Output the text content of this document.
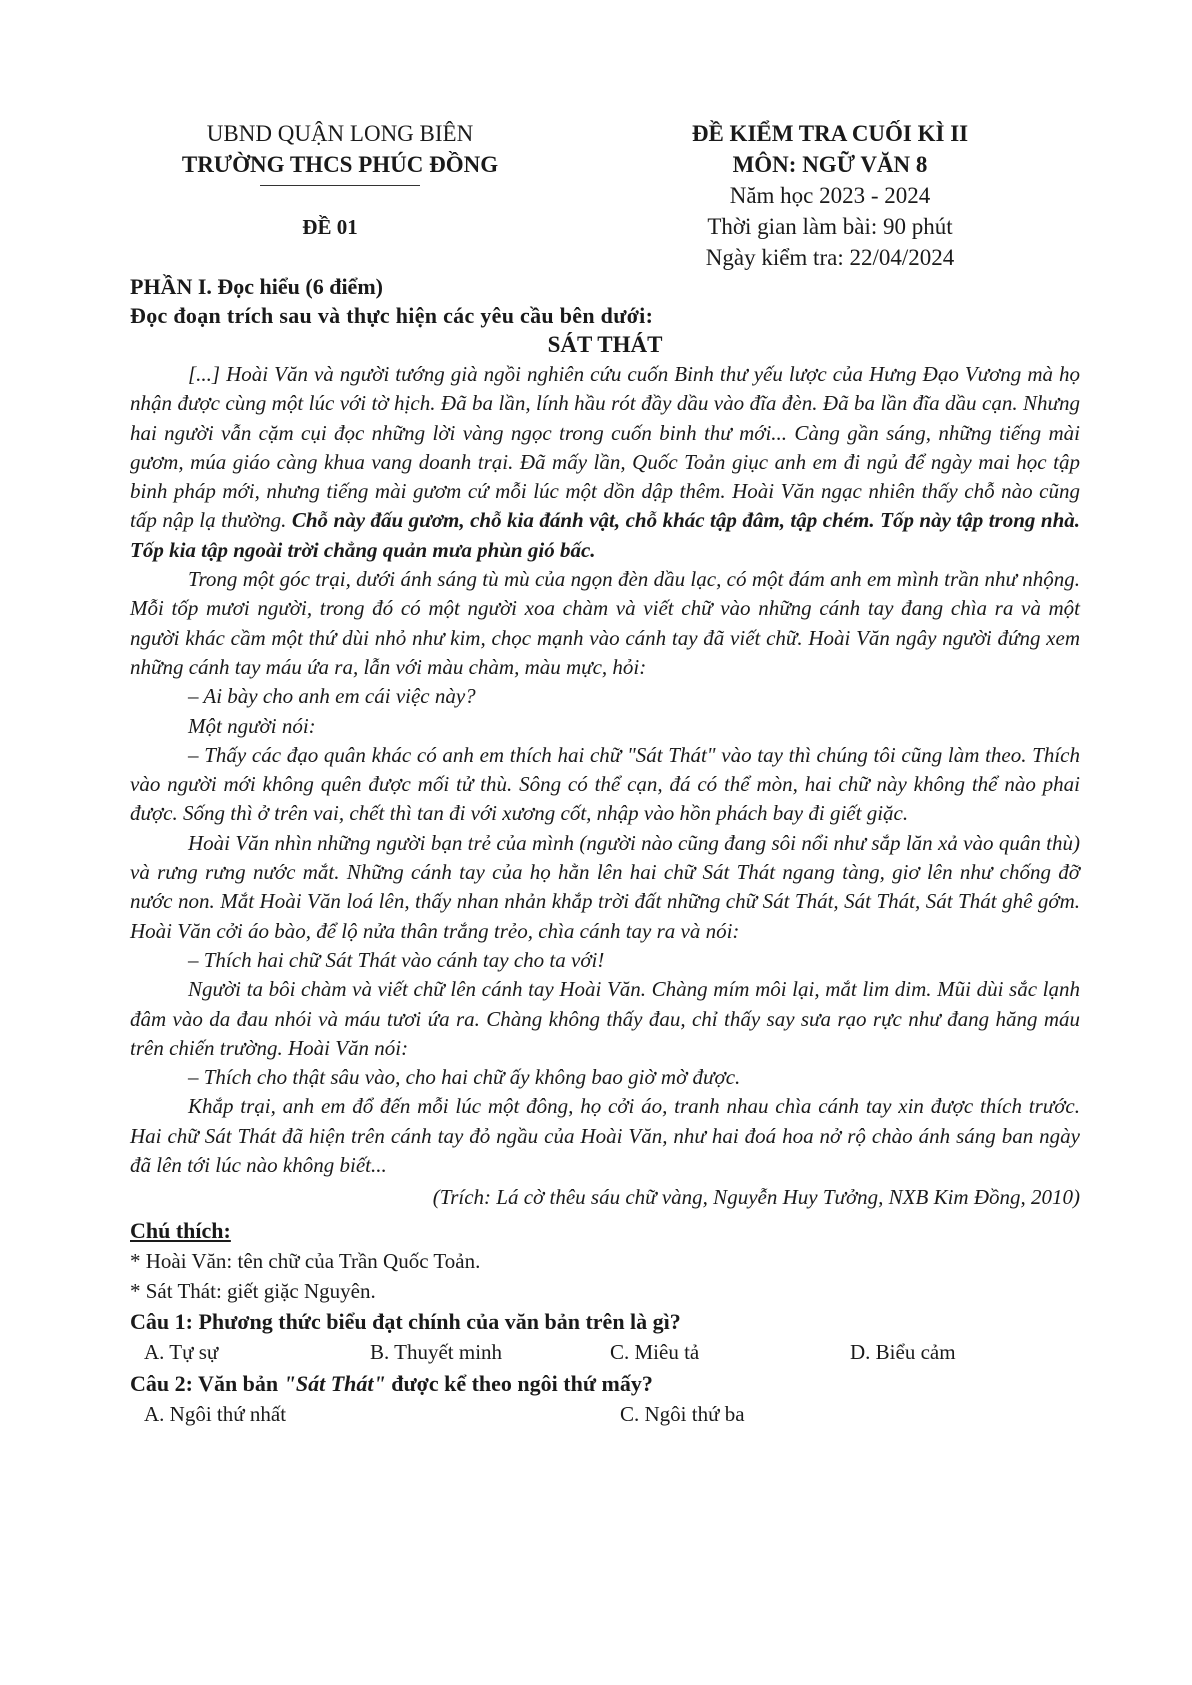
UBND QUẬN LONG BIÊN
TRƯỜNG THCS PHÚC ĐỒNG
ĐỀ 01
ĐỀ KIỂM TRA CUỐI KÌ II
MÔN: NGỮ VĂN 8
Năm học 2023 - 2024
Thời gian làm bài: 90 phút
Ngày kiểm tra: 22/04/2024
PHẦN I. Đọc hiểu (6 điểm)
Đọc đoạn trích sau và thực hiện các yêu cầu bên dưới:
SÁT THÁT

[...] Hoài Văn và người tướng già ngồi nghiên cứu cuốn Binh thư yếu lược của Hưng Đạo Vương mà họ nhận được cùng một lúc với tờ hịch. Đã ba lần, lính hầu rót đầy dầu vào đĩa đèn. Đã ba lần đĩa dầu cạn. Nhưng hai người vẫn cặm cụi đọc những lời vàng ngọc trong cuốn binh thư mới... Càng gần sáng, những tiếng mài gươm, múa giáo càng khua vang doanh trại. Đã mấy lần, Quốc Toản giục anh em đi ngủ để ngày mai học tập binh pháp mới, nhưng tiếng mài gươm cứ mỗi lúc một dồn dập thêm. Hoài Văn ngạc nhiên thấy chỗ nào cũng tấp nập lạ thường. Chỗ này đấu gươm, chỗ kia đánh vật, chỗ khác tập đâm, tập chém. Tốp này tập trong nhà. Tốp kia tập ngoài trời chẳng quản mưa phùn gió bấc.

Trong một góc trại, dưới ánh sáng tù mù của ngọn đèn dầu lạc, có một đám anh em mình trần như nhộng. Mỗi tốp mươi người, trong đó có một người xoa chàm và viết chữ vào những cánh tay đang chìa ra và một người khác cầm một thứ dùi nhỏ như kim, chọc mạnh vào cánh tay đã viết chữ. Hoài Văn ngây người đứng xem những cánh tay máu ứa ra, lẫn với màu chàm, màu mực, hỏi:

– Ai bày cho anh em cái việc này?

Một người nói:

– Thấy các đạo quân khác có anh em thích hai chữ "Sát Thát" vào tay thì chúng tôi cũng làm theo. Thích vào người mới không quên được mối tử thù. Sông có thể cạn, đá có thể mòn, hai chữ này không thể nào phai được. Sống thì ở trên vai, chết thì tan đi với xương cốt, nhập vào hồn phách bay đi giết giặc.

Hoài Văn nhìn những người bạn trẻ của mình (người nào cũng đang sôi nổi như sắp lăn xả vào quân thù) và rưng rưng nước mắt. Những cánh tay của họ hằn lên hai chữ Sát Thát ngang tàng, giơ lên như chống đỡ nước non. Mắt Hoài Văn loá lên, thấy nhan nhản khắp trời đất những chữ Sát Thát, Sát Thát, Sát Thát ghê gớm. Hoài Văn cởi áo bào, để lộ nửa thân trắng trẻo, chìa cánh tay ra và nói:

– Thích hai chữ Sát Thát vào cánh tay cho ta với!

Người ta bôi chàm và viết chữ lên cánh tay Hoài Văn. Chàng mím môi lại, mắt lim dim. Mũi dùi sắc lạnh đâm vào da đau nhói và máu tươi ứa ra. Chàng không thấy đau, chỉ thấy say sưa rạo rực như đang hăng máu trên chiến trường. Hoài Văn nói:

– Thích cho thật sâu vào, cho hai chữ ấy không bao giờ mờ được.

Khắp trại, anh em đổ đến mỗi lúc một đông, họ cởi áo, tranh nhau chìa cánh tay xin được thích trước. Hai chữ Sát Thát đã hiện trên cánh tay đỏ ngầu của Hoài Văn, như hai đoá hoa nở rộ chào ánh sáng ban ngày đã lên tới lúc nào không biết...

(Trích: Lá cờ thêu sáu chữ vàng, Nguyễn Huy Tưởng, NXB Kim Đồng, 2010)
Chú thích:
* Hoài Văn: tên chữ của Trần Quốc Toản.
* Sát Thát: giết giặc Nguyên.
Câu 1: Phương thức biểu đạt chính của văn bản trên là gì?
A. Tự sự	B. Thuyết minh	C. Miêu tả	D. Biểu cảm
Câu 2: Văn bản "Sát Thát" được kể theo ngôi thứ mấy?
A. Ngôi thứ nhất	C. Ngôi thứ ba
